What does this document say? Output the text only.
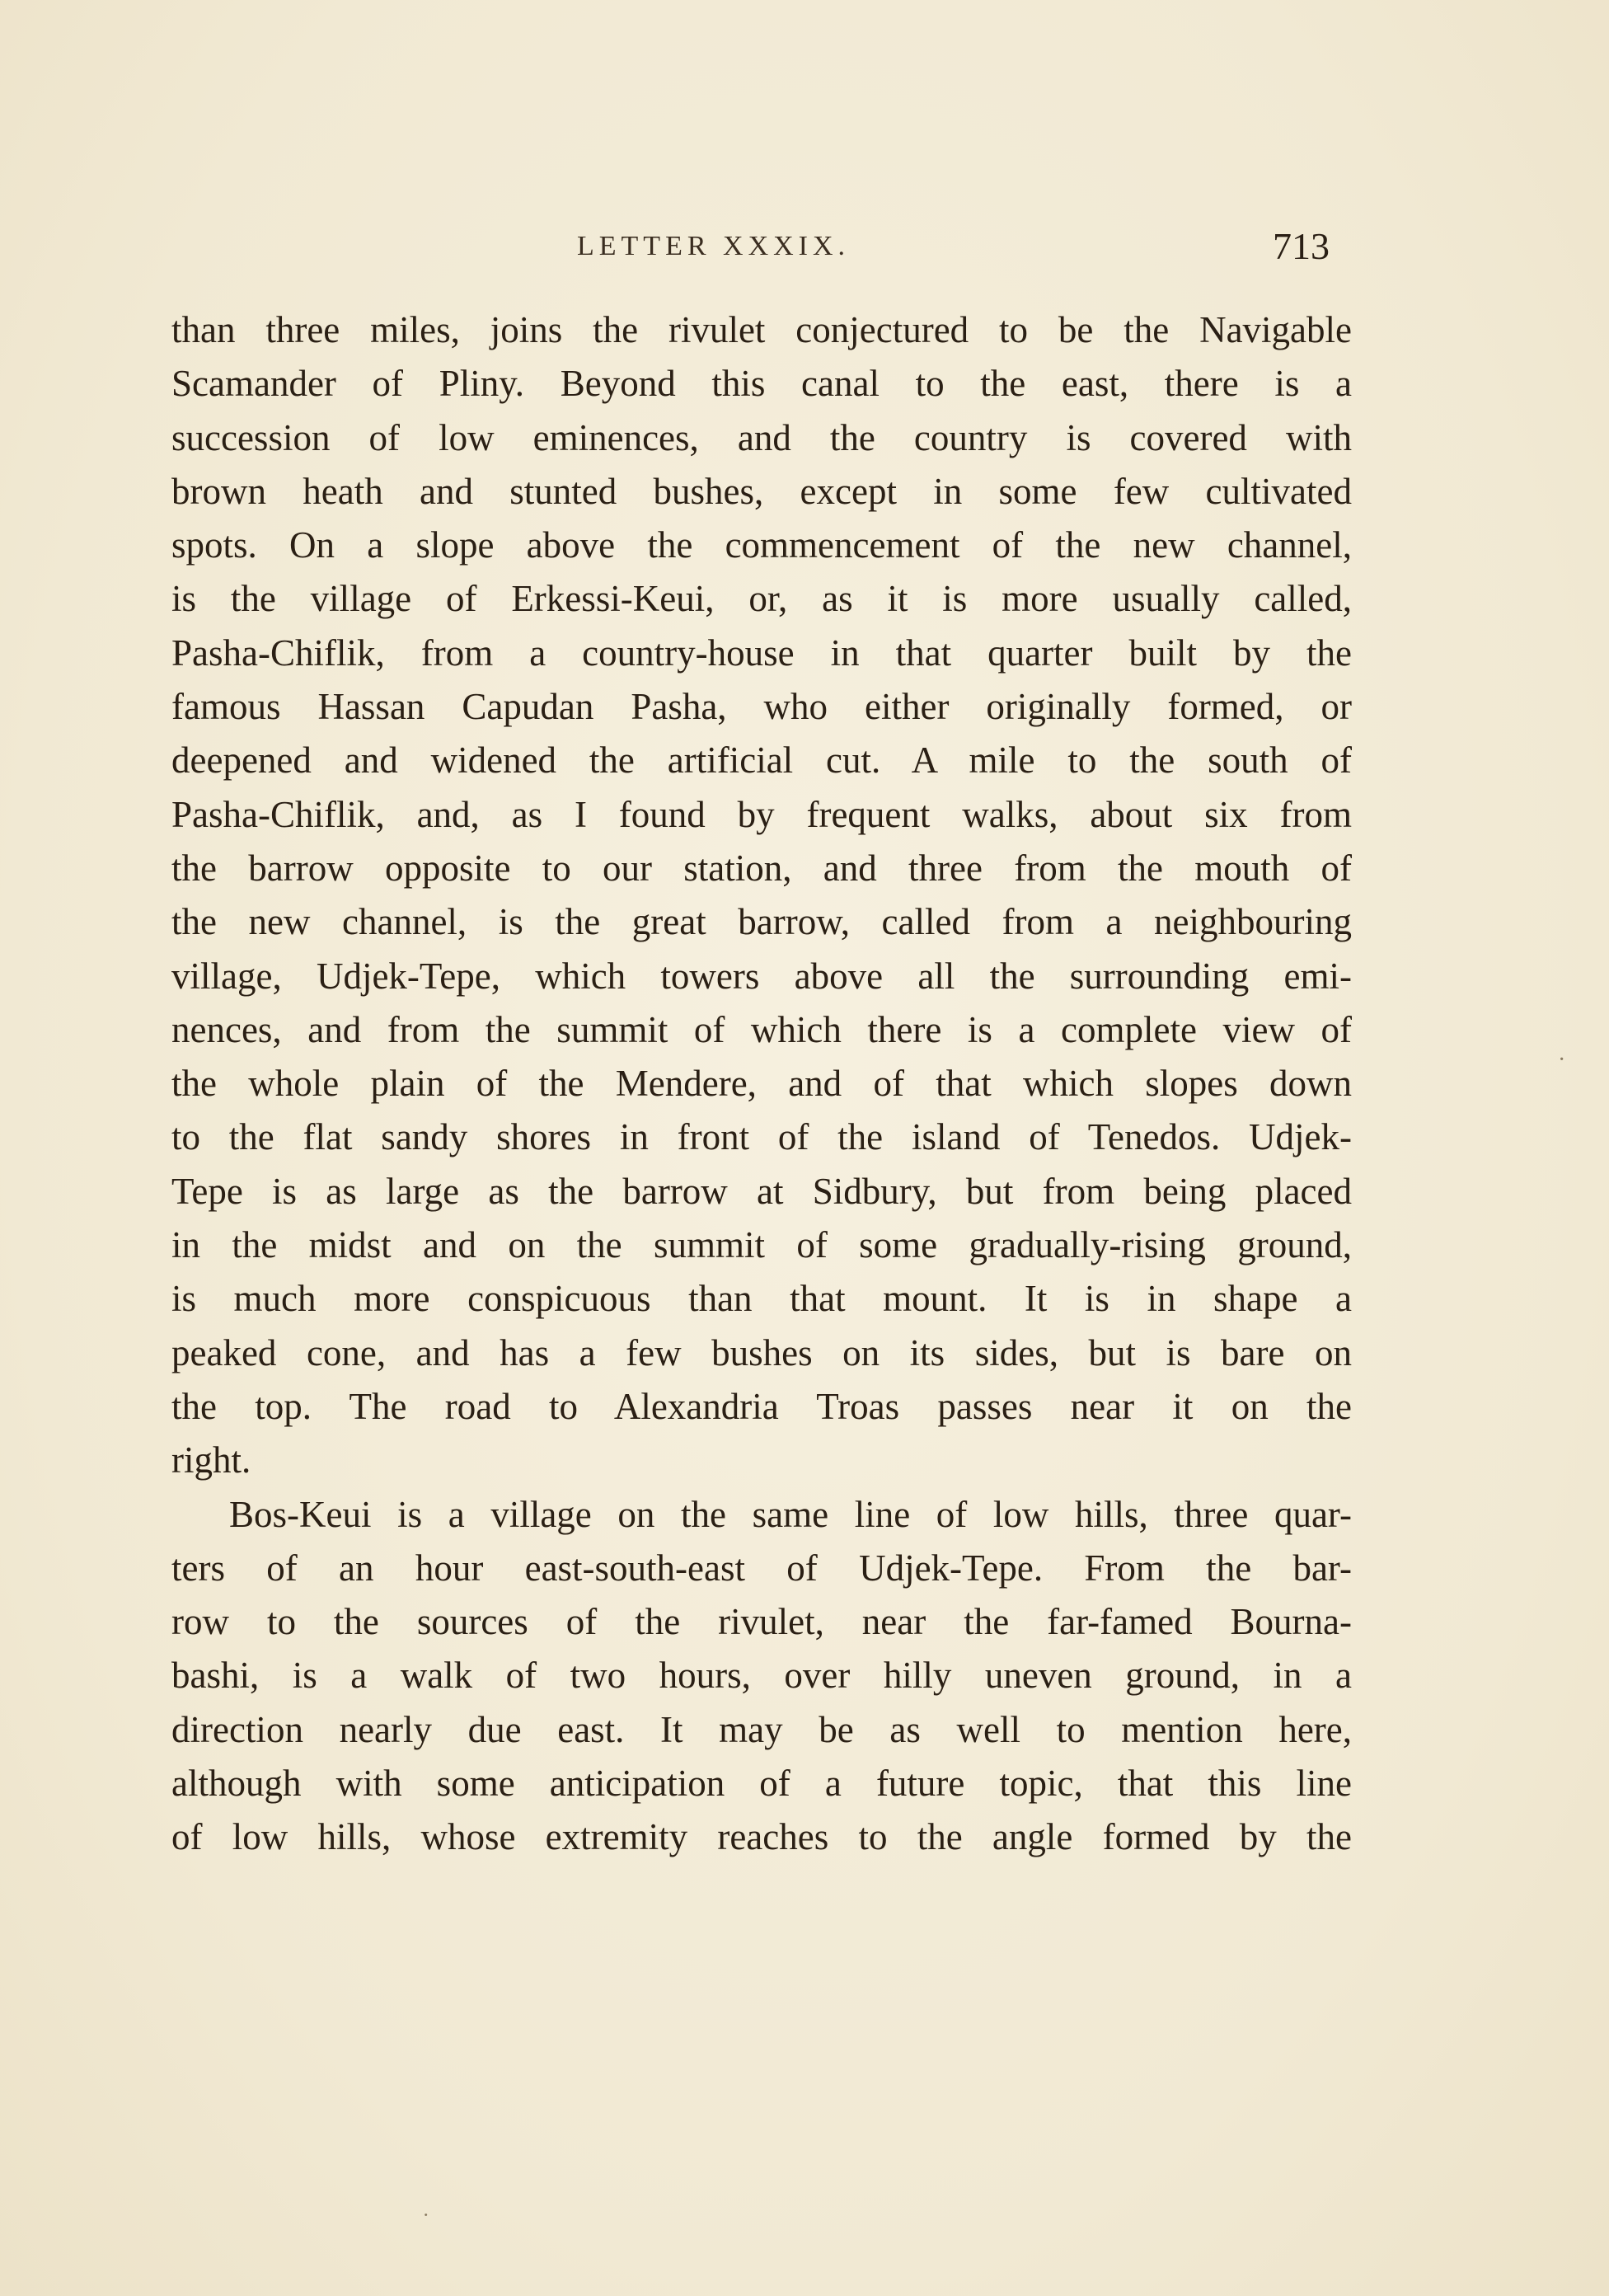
LETTER XXXIX.	713
than three miles, joins the rivulet conjectured to be the Navigable
Scamander of Pliny. Beyond this canal to the east, there is a
succession of low eminences, and the country is covered with
brown heath and stunted bushes, except in some few cultivated
spots. On a slope above the commencement of the new channel,
is the village of Erkessi-Keui, or, as it is more usually called,
Pasha-Chiflik, from a country-house in that quarter built by the
famous Hassan Capudan Pasha, who either originally formed, or
deepened and widened the artificial cut. A mile to the south of
Pasha-Chiflik, and, as I found by frequent walks, about six from
the barrow opposite to our station, and three from the mouth of
the new channel, is the great barrow, called from a neighbouring
village, Udjek-Tepe, which towers above all the surrounding emi-
nences, and from the summit of which there is a complete view of
the whole plain of the Mendere, and of that which slopes down
to the flat sandy shores in front of the island of Tenedos. Udjek-
Tepe is as large as the barrow at Sidbury, but from being placed
in the midst and on the summit of some gradually-rising ground,
is much more conspicuous than that mount. It is in shape a
peaked cone, and has a few bushes on its sides, but is bare on
the top. The road to Alexandria Troas passes near it on the
right.
Bos-Keui is a village on the same line of low hills, three quar-
ters of an hour east-south-east of Udjek-Tepe. From the bar-
row to the sources of the rivulet, near the far-famed Bourna-
bashi, is a walk of two hours, over hilly uneven ground, in a
direction nearly due east. It may be as well to mention here,
although with some anticipation of a future topic, that this line
of low hills, whose extremity reaches to the angle formed by the
˙
·
